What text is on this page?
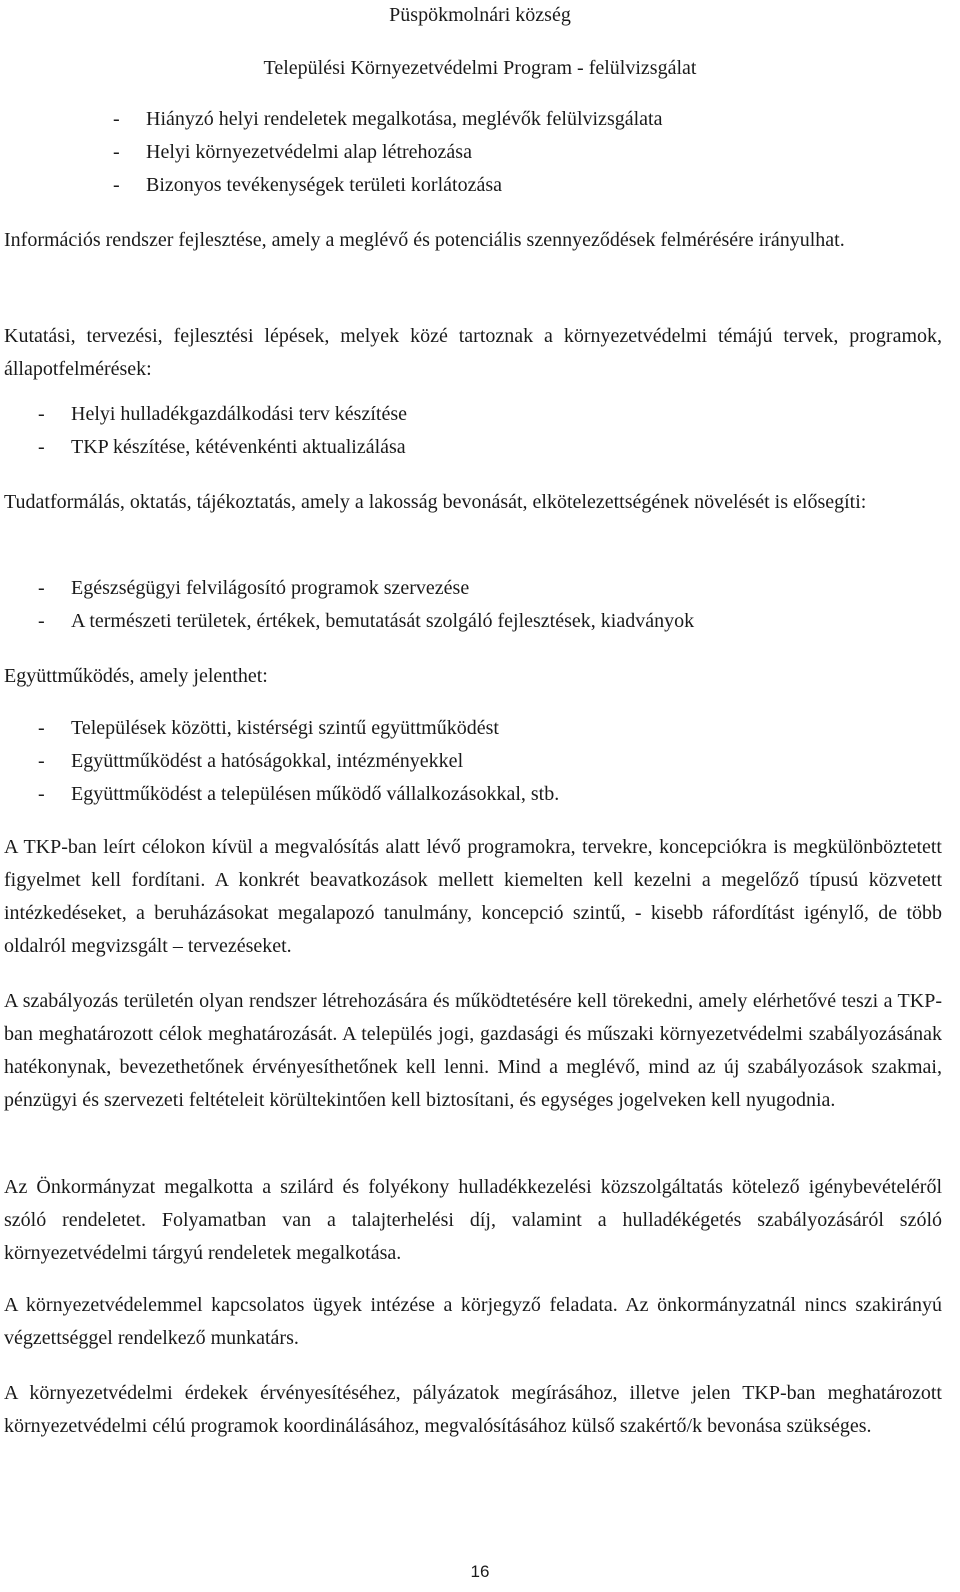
Püspökmolnári község
Települési Környezetvédelmi Program - felülvizsgálat
-	Hiányzó helyi rendeletek megalkotása, meglévők felülvizsgálata
-	Helyi környezetvédelmi alap létrehozása
-	Bizonyos tevékenységek területi korlátozása
Információs rendszer fejlesztése, amely a meglévő és potenciális szennyeződések felmérésére irányulhat.
Kutatási, tervezési, fejlesztési lépések, melyek közé tartoznak a környezetvédelmi témájú tervek, programok, állapotfelmérések:
-	Helyi hulladékgazdálkodási terv készítése
-	TKP készítése, kétévenkénti aktualizálása
Tudatformálás, oktatás, tájékoztatás, amely a lakosság bevonását, elkötelezettségének növelését is elősegíti:
-	Egészségügyi felvilágosító programok szervezése
-	A természeti területek, értékek, bemutatását szolgáló fejlesztések, kiadványok
Együttműködés, amely jelenthet:
-	Települések közötti, kistérségi szintű együttműködést
-	Együttműködést a hatóságokkal, intézményekkel
-	Együttműködést a településen működő vállalkozásokkal, stb.
A TKP-ban leírt célokon kívül a megvalósítás alatt lévő programokra, tervekre, koncepciókra is megkülönböztetett figyelmet kell fordítani. A konkrét beavatkozások mellett kiemelten kell kezelni a megelőző típusú közvetett intézkedéseket, a beruházásokat megalapozó tanulmány, koncepció szintű, - kisebb ráfordítást igénylő, de több oldalról megvizsgált – tervezéseket.
A szabályozás területén olyan rendszer létrehozására és működtetésére kell törekedni, amely elérhetővé teszi a TKP-ban meghatározott célok meghatározását. A település jogi, gazdasági és műszaki környezetvédelmi szabályozásának hatékonynak, bevezethetőnek érvényesíthetőnek kell lenni. Mind a meglévő, mind az új szabályozások szakmai, pénzügyi és szervezeti feltételeit körültekintően kell biztosítani, és egységes jogelveken kell nyugodnia.
Az Önkormányzat megalkotta a szilárd és folyékony hulladékkezelési közszolgáltatás kötelező igénybevételéről szóló rendeletet. Folyamatban van a talajterhelési díj, valamint a hulladékégetés szabályozásáról szóló környezetvédelmi tárgyú rendeletek megalkotása.
A környezetvédelemmel kapcsolatos ügyek intézése a körjegyző feladata. Az önkormányzatnál nincs szakirányú végzettséggel rendelkező munkatárs.
A környezetvédelmi érdekek érvényesítéséhez, pályázatok megírásához, illetve jelen TKP-ban meghatározott környezetvédelmi célú programok koordinálásához, megvalósításához külső szakértő/k bevonása szükséges.
16
